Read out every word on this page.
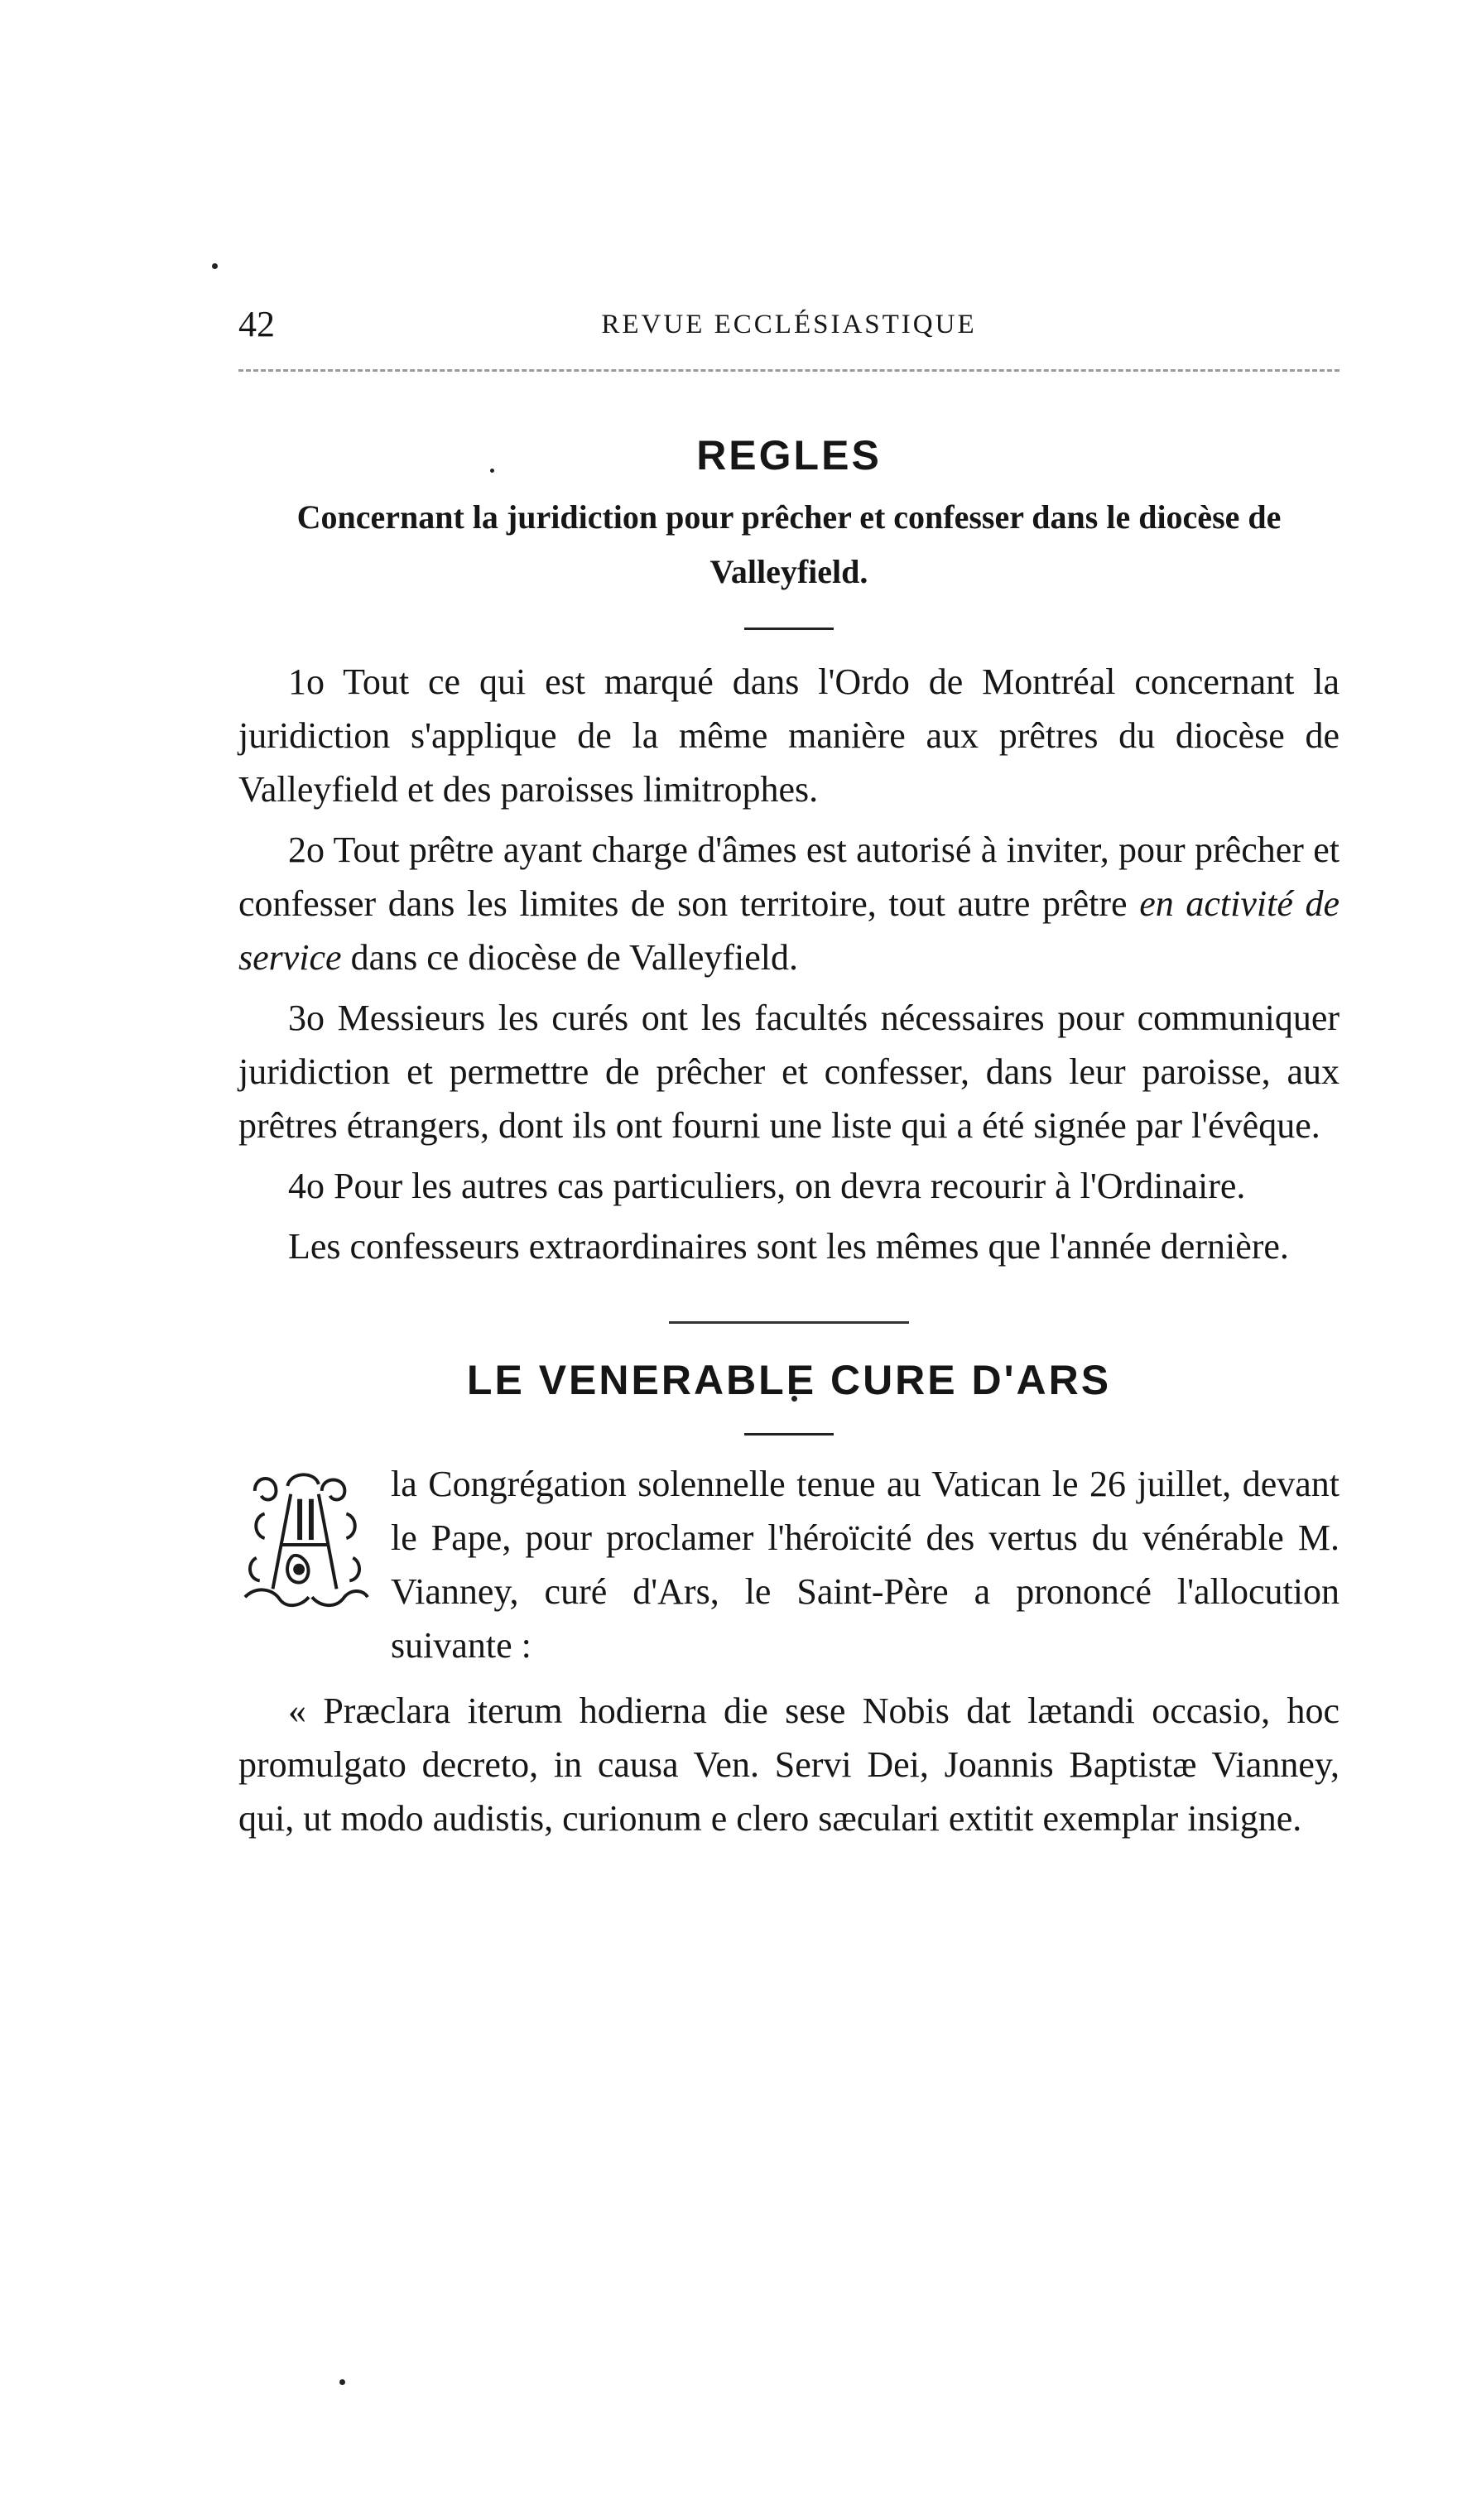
42	REVUE ECCLÉSIASTIQUE
REGLES

Concernant la juridiction pour prêcher et confesser dans le diocèse de Valleyfield.

1o Tout ce qui est marqué dans l'Ordo de Montréal concernant la juridiction s'applique de la même manière aux prêtres du diocèse de Valleyfield et des paroisses limitrophes.

2o Tout prêtre ayant charge d'âmes est autorisé à inviter, pour prêcher et confesser dans les limites de son territoire, tout autre prêtre en activité de service dans ce diocèse de Valleyfield.

3o Messieurs les curés ont les facultés nécessaires pour communiquer juridiction et permettre de prêcher et confesser, dans leur paroisse, aux prêtres étrangers, dont ils ont fourni une liste qui a été signée par l'évêque.

4o Pour les autres cas particuliers, on devra recourir à l'Ordinaire.

Les confesseurs extraordinaires sont les mêmes que l'année dernière.

LE VENERABLE CURE D'ARS

la Congrégation solennelle tenue au Vatican le 26 juillet, devant le Pape, pour proclamer l'héroïcité des vertus du vénérable M. Vianney, curé d'Ars, le Saint-Père a prononcé l'allocution suivante :

« Præclara iterum hodierna die sese Nobis dat lætandi occasio, hoc promulgato decreto, in causa Ven. Servi Dei, Joannis Baptistæ Vianney, qui, ut modo audistis, curionum e clero sæculari extitit exemplar insigne.
